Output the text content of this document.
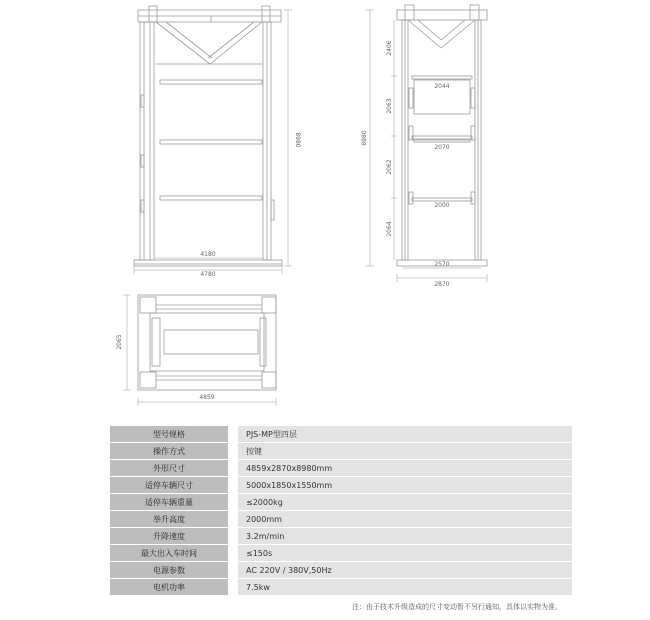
4180
4780
8980	8980
2406
2063
2062
2064
2044
2070
2000
2570
2870
2065
4859
型号规格		PJS-MP型四层
操作方式		按键
外形尺寸		4859x2870x8980mm
适停车辆尺寸		5000x1850x1550mm
适停车辆重量		≤2000kg
举升高度		2000mm
升降速度		3.2m/min
最大出入车时间		≤150s
电源参数		AC 220V / 380V,50Hz
电机功率		7.5kw
注：由于技术升级造成的尺寸变动暂不另行通知，具体以实物为准。
